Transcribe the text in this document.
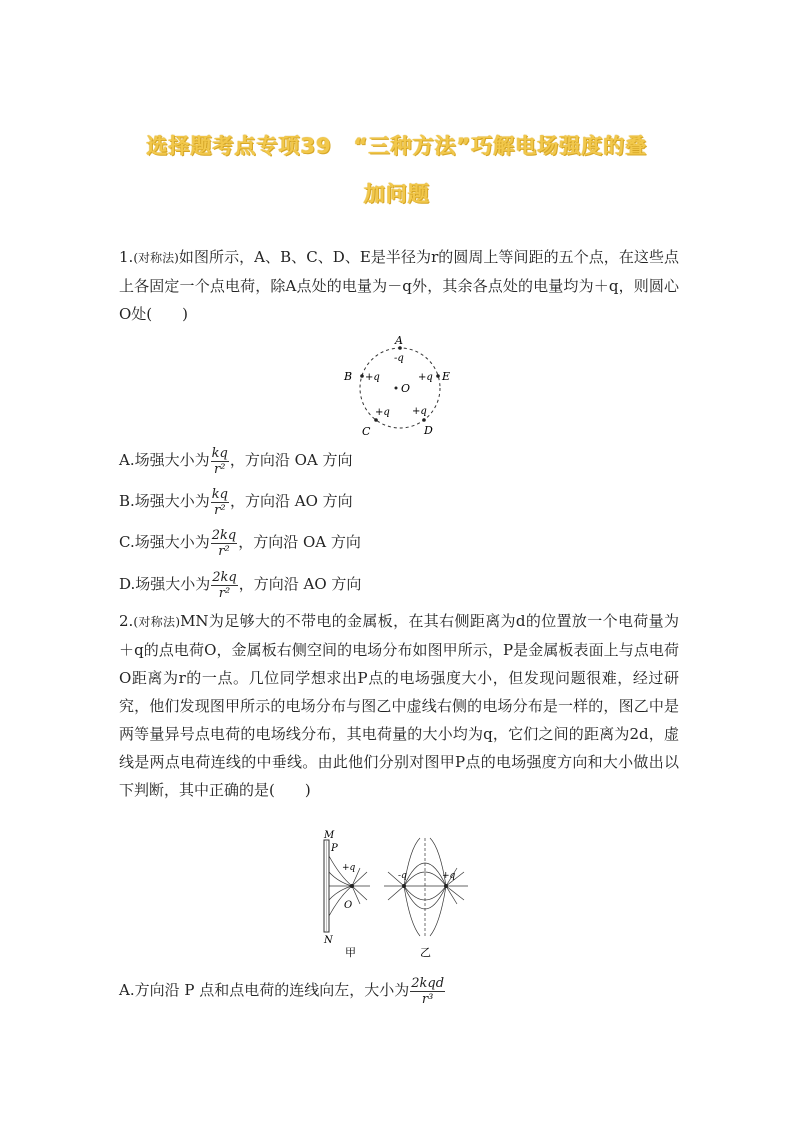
选择题考点专项39　“三种方法”巧解电场强度的叠
加问题
1.(对称法)如图所示，A、B、C、D、E是半径为r的圆周上等间距的五个点，在这些点上各固定一个点电荷，除A点处的电量为－q外，其余各点处的电量均为＋q，则圆心O处(　　)
A
-q
B +q	E
+q
O
+q +q
C	D
A.场强大小为 $\frac{kq}{\text{r²}}$ ，方向沿 OA 方向
B.场强大小为 $\frac{kq}{\text{r²}}$ ，方向沿 AO 方向
C.场强大小为 $\frac{2kq}{\text{r²}}$ ，方向沿 OA 方向
D.场强大小为 $\frac{2kq}{\text{r²}}$ ，方向沿 AO 方向
2.(对称法)MN为足够大的不带电的金属板，在其右侧距离为d的位置放一个电荷量为＋q的点电荷O，金属板右侧空间的电场分布如图甲所示，P是金属板表面上与点电荷O距离为r的一点。几位同学想求出P点的电场强度大小，但发现问题很难，经过研究，他们发现图甲所示的电场分布与图乙中虚线右侧的电场分布是一样的，图乙中是两等量异号点电荷的电场线分布，其电荷量的大小均为q，它们之间的距离为2d，虚线是两点电荷连线的中垂线。由此他们分别对图甲P点的电场强度方向和大小做出以下判断，其中正确的是(　　)
M
P
N
+q
O
-q	+q
甲	乙
A.方向沿 P 点和点电荷的连线向左，大小为 $\frac{\text{2kqd}}{\text{r³}}$
